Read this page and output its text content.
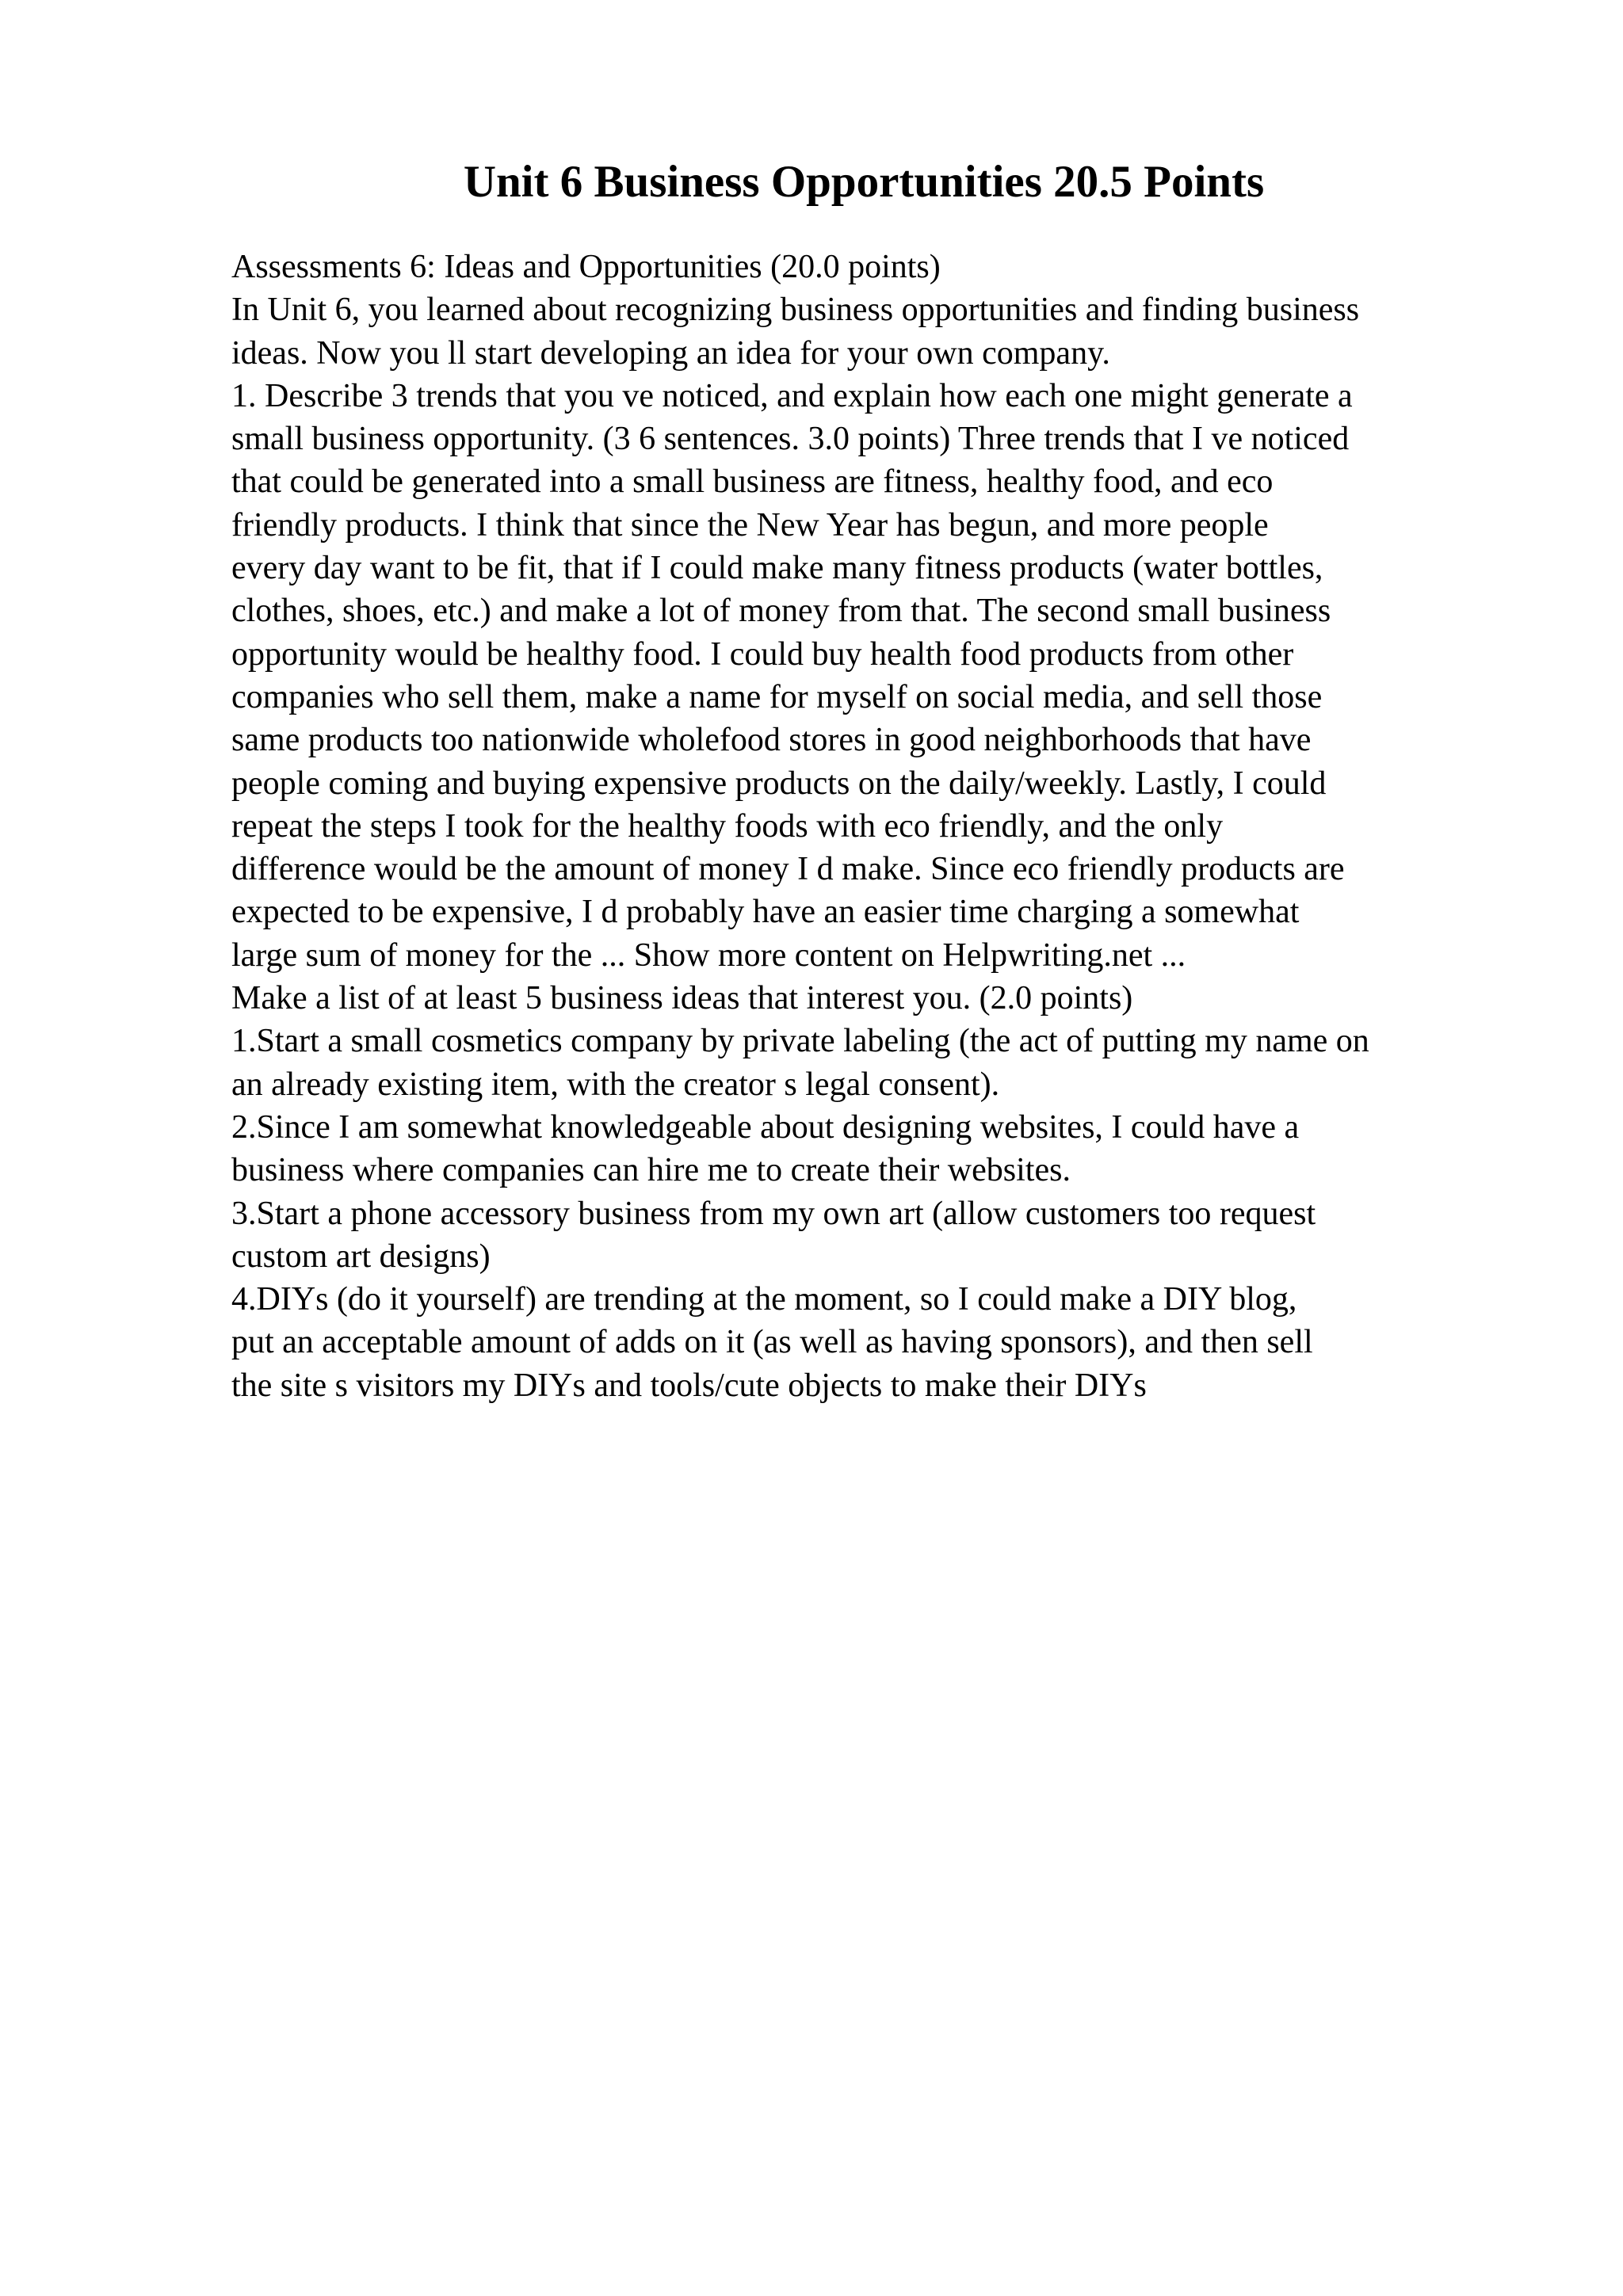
Unit 6 Business Opportunities 20.5 Points
Assessments 6: Ideas and Opportunities (20.0 points)
In Unit 6, you learned about recognizing business opportunities and finding business
ideas. Now you ll start developing an idea for your own company.
1. Describe 3 trends that you ve noticed, and explain how each one might generate a
small business opportunity. (3 6 sentences. 3.0 points) Three trends that I ve noticed
that could be generated into a small business are fitness, healthy food, and eco
friendly products. I think that since the New Year has begun, and more people
every day want to be fit, that if I could make many fitness products (water bottles,
clothes, shoes, etc.) and make a lot of money from that. The second small business
opportunity would be healthy food. I could buy health food products from other
companies who sell them, make a name for myself on social media, and sell those
same products too nationwide wholefood stores in good neighborhoods that have
people coming and buying expensive products on the daily/weekly. Lastly, I could
repeat the steps I took for the healthy foods with eco friendly, and the only
difference would be the amount of money I d make. Since eco friendly products are
expected to be expensive, I d probably have an easier time charging a somewhat
large sum of money for the ... Show more content on Helpwriting.net ...
Make a list of at least 5 business ideas that interest you. (2.0 points)
1.Start a small cosmetics company by private labeling (the act of putting my name on
an already existing item, with the creator s legal consent).
2.Since I am somewhat knowledgeable about designing websites, I could have a
business where companies can hire me to create their websites.
3.Start a phone accessory business from my own art (allow customers too request
custom art designs)
4.DIYs (do it yourself) are trending at the moment, so I could make a DIY blog,
put an acceptable amount of adds on it (as well as having sponsors), and then sell
the site s visitors my DIYs and tools/cute objects to make their DIYs
